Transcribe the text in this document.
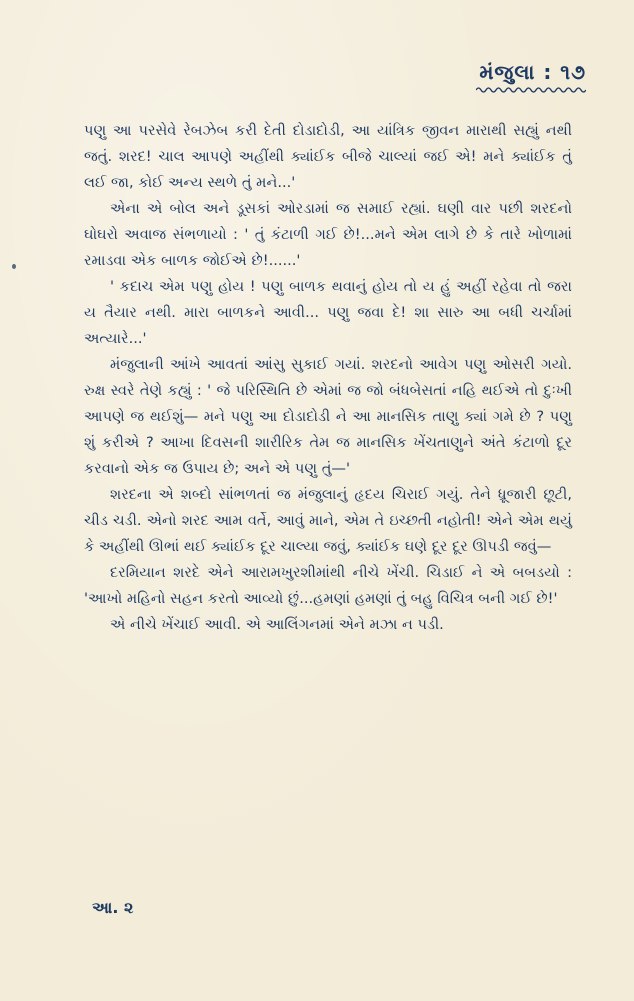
મંજુલા : ૧૭

પણુ આ પરસેવે રેબઝેબ કરી દેતી દોડાદોડી, આ યાંત્રિક જીવન મારાથી સહ્યું નથી જતું. શરદ! ચાલ આપણે અહીંથી ક્યાંઈક બીજે ચાલ્યાં જઈ એ! મને ક્યાંઈક તું લઈ જા, કોઈ અન્ય સ્થળે તું મને...'

એના એ બોલ અને ડૂસકાં ઓરડામાં જ સમાઈ રહ્યાં. ઘણી વાર પછી શરદનો ઘોઘરો અવાજ સંભળાયો : ' તું કંટાળી ગઈ છે!...મને એમ લાગે છે કે તારે ખોળામાં રમાડવા એક બાળક જોઈએ છે!......'

' કદાચ એમ પણુ હોય ! પણુ બાળક થવાનું હોય તો ય હું અહીં રહેવા તો જરા ય તૈયાર નથી. મારા બાળકને આવી... પણુ જવા દે! શા સારુ આ બધી ચર્ચામાં અત્યારે...'

મંજુલાની આંખે આવતાં આંસુ સુકાઈ ગયાં. શરદનો આવેગ પણુ ઓસરી ગયો. રુક્ષ સ્વરે તેણે કહ્યું : ' જે પરિસ્થિતિ છે એમાં જ જો બંધબેસતાં નહિ થઈએ તો દુઃખી આપણે જ થઈશું— મને પણુ આ દોડાદોડી ને આ માનસિક તાણુ ક્યાં ગમે છે ? પણુ શું કરીએ ? આખા દિવસની શારીરિક તેમ જ માનસિક ખેંચતાણુને અંતે કંટાળો દૂર કરવાનો એક જ ઉપાય છે; અને એ પણુ તું—'

શરદના એ શબ્દો સાંભળતાં જ મંજુલાનું હૃદય ચિરાઈ ગયું. તેને ધ્રૂજારી છૂટી, ચીડ ચડી. એનો શરદ આમ વર્તે, આવું માને, એમ તે ઇચ્છતી નહોતી! એને એમ થયું કે અહીંથી ઊભાં થઈ ક્યાંઈક દૂર ચાલ્યા જવું, ક્યાંઈક ઘણે દૂર દૂર ઊપડી જવું—

દરમિયાન શરદે એને આરામખુરશીમાંથી નીચે ખેંચી. ચિડાઈ ને એ બબડયો : 'આખો મહિનો સહન કરતો આવ્યો છું...હમણાં હમણાં તું બહુ વિચિત્ર બની ગઈ છે!'

એ નીચે ખેંચાઈ આવી. એ આલિંગનમાં એને મઝા ન પડી.

આ. ૨
